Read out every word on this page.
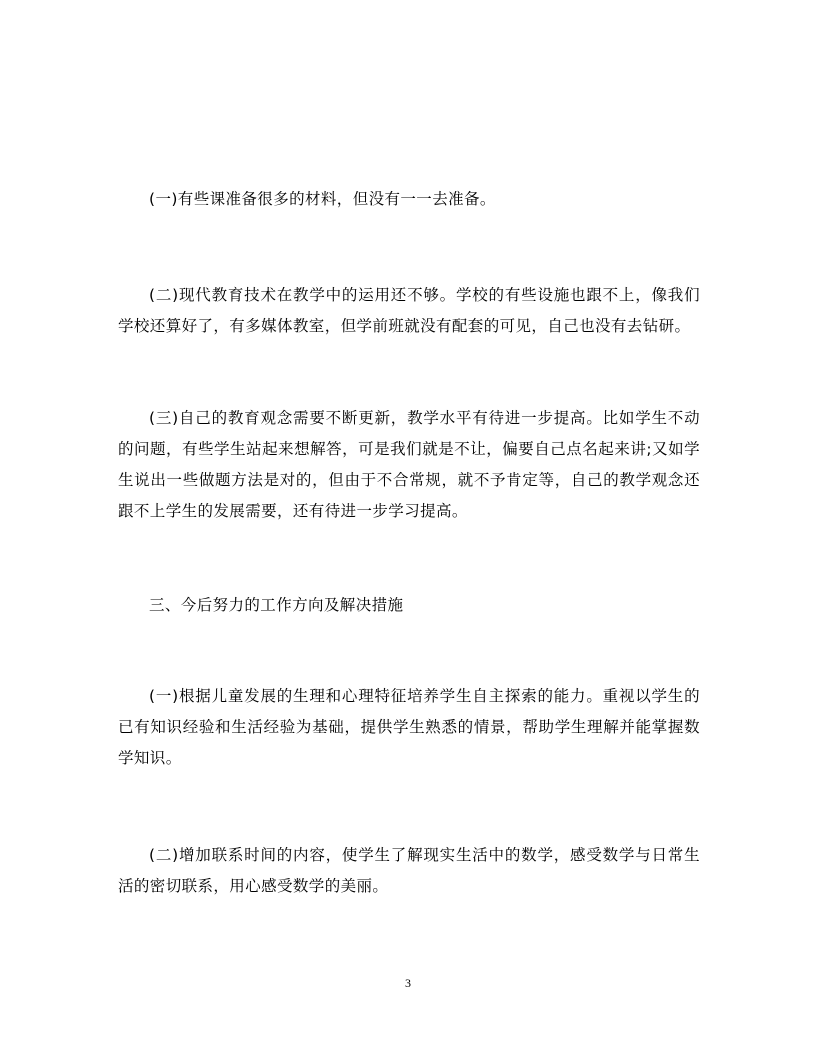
(一)有些课准备很多的材料，但没有一一去准备。

(二)现代教育技术在教学中的运用还不够。学校的有些设施也跟不上，像我们学校还算好了，有多媒体教室，但学前班就没有配套的可见，自己也没有去钻研。

(三)自己的教育观念需要不断更新，教学水平有待进一步提高。比如学生不动的问题，有些学生站起来想解答，可是我们就是不让，偏要自己点名起来讲;又如学生说出一些做题方法是对的，但由于不合常规，就不予肯定等，自己的教学观念还跟不上学生的发展需要，还有待进一步学习提高。

三、今后努力的工作方向及解决措施

(一)根据儿童发展的生理和心理特征培养学生自主探索的能力。重视以学生的已有知识经验和生活经验为基础，提供学生熟悉的情景，帮助学生理解并能掌握数学知识。

(二)增加联系时间的内容，使学生了解现实生活中的数学，感受数学与日常生活的密切联系，用心感受数学的美丽。

3
